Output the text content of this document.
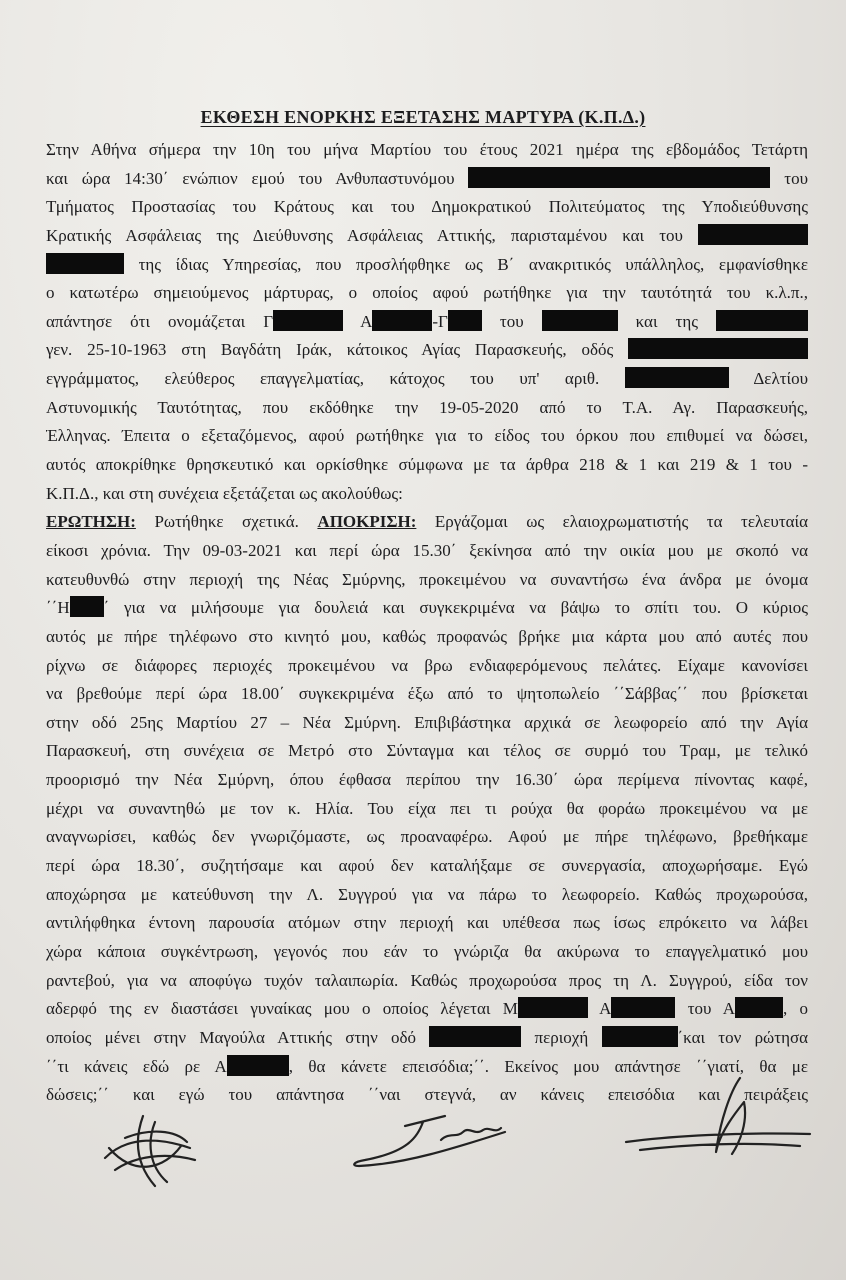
ΕΚΘΕΣΗ ΕΝΟΡΚΗΣ ΕΞΕΤΑΣΗΣ ΜΑΡΤΥΡΑ (Κ.Π.Δ.)
Στην Αθήνα σήμερα την 10η του μήνα Μαρτίου του έτους 2021 ημέρα της εβδομάδος Τετάρτη
και ώρα 14:30΄ ενώπιον εμού του Ανθυπαστυνόμου	του
Τμήματος Προστασίας του Κράτους και του Δημοκρατικού Πολιτεύματος της Υποδιεύθυνσης
Κρατικής Ασφάλειας της Διεύθυνσης Ασφάλειας Αττικής, παρισταμένου και του
της ίδιας Υπηρεσίας, που προσλήφθηκε ως Β΄ ανακριτικός υπάλληλος, εμφανίσθηκε
ο κατωτέρω σημειούμενος μάρτυρας, ο οποίος αφού ρωτήθηκε για την ταυτότητά του κ.λ.π.,
απάντησε ότι ονομάζεται Γ	Α	-Γ	του	και της
γεν. 25-10-1963 στη Βαγδάτη Ιράκ, κάτοικος Αγίας Παρασκευής, οδός
εγγράμματος, ελεύθερος επαγγελματίας, κάτοχος του υπ' αριθ.	Δελτίου
Αστυνομικής Ταυτότητας, που εκδόθηκε την 19-05-2020 από το Τ.Α. Αγ. Παρασκευής,
Έλληνας. Έπειτα ο εξεταζόμενος, αφού ρωτήθηκε για το είδος του όρκου που επιθυμεί να δώσει,
αυτός αποκρίθηκε θρησκευτικό και ορκίσθηκε σύμφωνα με τα άρθρα 218 & 1 και 219 & 1 του -
Κ.Π.Δ., και στη συνέχεια εξετάζεται ως ακολούθως:
ΕΡΩΤΗΣΗ: Ρωτήθηκε σχετικά. ΑΠΟΚΡΙΣΗ: Εργάζομαι ως ελαιοχρωματιστής τα τελευταία
είκοσι χρόνια. Την 09-03-2021 και περί ώρα 15.30΄ ξεκίνησα από την οικία μου με σκοπό να
κατευθυνθώ στην περιοχή της Νέας Σμύρνης, προκειμένου να συναντήσω ένα άνδρα με όνομα
΄΄Η ΄ για να μιλήσουμε για δουλειά και συγκεκριμένα να βάψω το σπίτι του. Ο κύριος
αυτός με πήρε τηλέφωνο στο κινητό μου, καθώς προφανώς βρήκε μια κάρτα μου από αυτές που
ρίχνω σε διάφορες περιοχές προκειμένου να βρω ενδιαφερόμενους πελάτες. Είχαμε κανονίσει
να βρεθούμε περί ώρα 18.00΄ συγκεκριμένα έξω από το ψητοπωλείο ΄΄Σάββας΄΄ που βρίσκεται
στην οδό 25ης Μαρτίου 27 – Νέα Σμύρνη. Επιβιβάστηκα αρχικά σε λεωφορείο από την Αγία
Παρασκευή, στη συνέχεια σε Μετρό στο Σύνταγμα και τέλος σε συρμό του Τραμ, με τελικό
προορισμό την Νέα Σμύρνη, όπου έφθασα περίπου την 16.30΄ ώρα περίμενα πίνοντας καφέ,
μέχρι να συναντηθώ με τον κ. Ηλία. Του είχα πει τι ρούχα θα φοράω προκειμένου να με
αναγνωρίσει, καθώς δεν γνωριζόμαστε, ως προαναφέρω. Αφού με πήρε τηλέφωνο, βρεθήκαμε
περί ώρα 18.30΄, συζητήσαμε και αφού δεν καταλήξαμε σε συνεργασία, αποχωρήσαμε. Εγώ
αποχώρησα με κατεύθυνση την Λ. Συγγρού για να πάρω το λεωφορείο. Καθώς προχωρούσα,
αντιλήφθηκα έντονη παρουσία ατόμων στην περιοχή και υπέθεσα πως ίσως επρόκειτο να λάβει
χώρα κάποια συγκέντρωση, γεγονός που εάν το γνώριζα θα ακύρωνα το επαγγελματικό μου
ραντεβού, για να αποφύγω τυχόν ταλαιπωρία. Καθώς προχωρούσα προς τη Λ. Συγγρού, είδα τον
αδερφό της εν διαστάσει γυναίκας μου ο οποίος λέγεται Μ	Α	του Α	, ο
οποίος μένει στην Μαγούλα Αττικής στην οδό	περιοχή	΄και τον ρώτησα
΄΄τι κάνεις εδώ ρε Α	, θα κάνετε επεισόδια;΄΄. Εκείνος μου απάντησε ΄΄γιατί, θα με
δώσεις;΄΄ και εγώ του απάντησα ΄΄ναι στεγνά, αν κάνεις επεισόδια και πειράξεις
